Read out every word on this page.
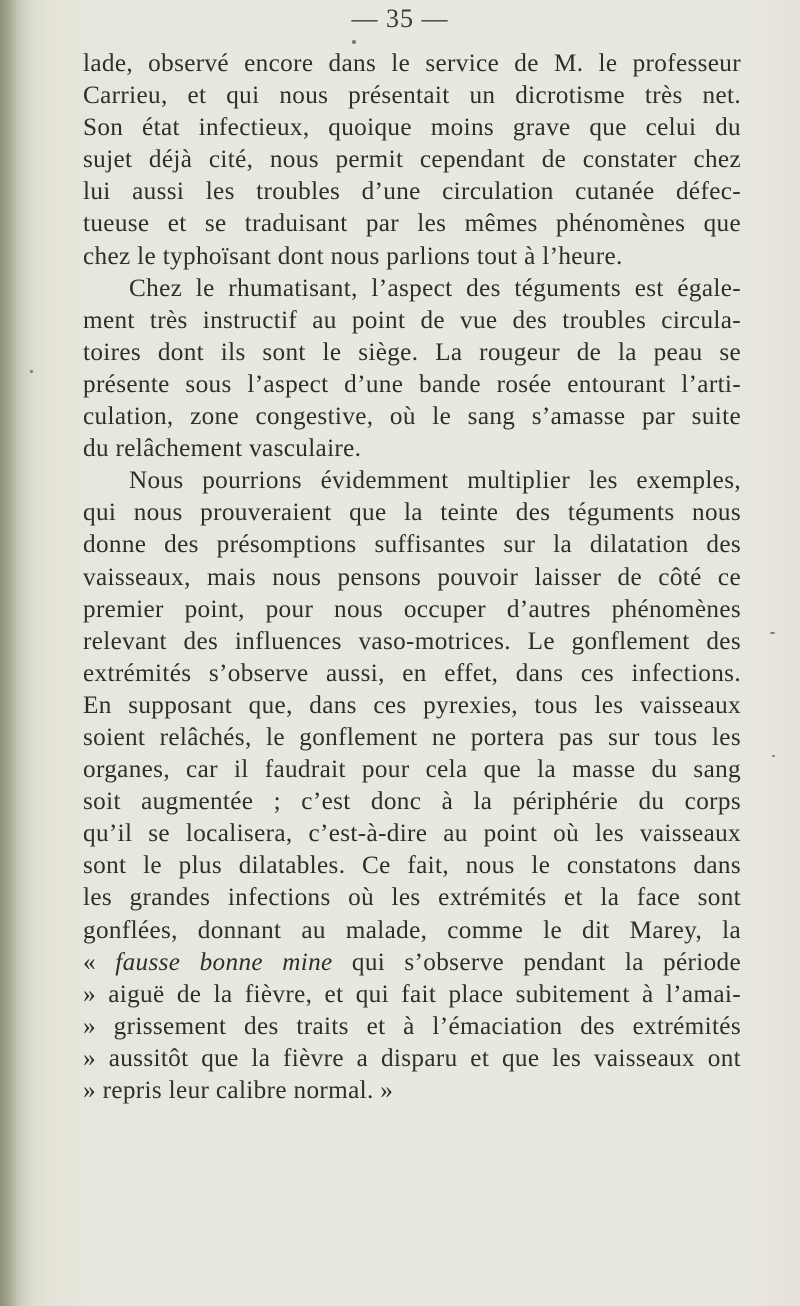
— 35 —
lade, observé encore dans le service de M. le professeur
Carrieu, et qui nous présentait un dicrotisme très net.
Son état infectieux, quoique moins grave que celui du
sujet déjà cité, nous permit cependant de constater chez
lui aussi les troubles d’une circulation cutanée défec-
tueuse et se traduisant par les mêmes phénomènes que
chez le typhoïsant dont nous parlions tout à l’heure.
Chez le rhumatisant, l’aspect des téguments est égale-
ment très instructif au point de vue des troubles circula-
toires dont ils sont le siège. La rougeur de la peau se
présente sous l’aspect d’une bande rosée entourant l’arti-
culation, zone congestive, où le sang s’amasse par suite
du relâchement vasculaire.
Nous pourrions évidemment multiplier les exemples,
qui nous prouveraient que la teinte des téguments nous
donne des présomptions suffisantes sur la dilatation des
vaisseaux, mais nous pensons pouvoir laisser de côté ce
premier point, pour nous occuper d’autres phénomènes
relevant des influences vaso-motrices. Le gonflement des
extrémités s’observe aussi, en effet, dans ces infections.
En supposant que, dans ces pyrexies, tous les vaisseaux
soient relâchés, le gonflement ne portera pas sur tous les
organes, car il faudrait pour cela que la masse du sang
soit augmentée ; c’est donc à la périphérie du corps
qu’il se localisera, c’est-à-dire au point où les vaisseaux
sont le plus dilatables. Ce fait, nous le constatons dans
les grandes infections où les extrémités et la face sont
gonflées, donnant au malade, comme le dit Marey, la
« fausse bonne mine qui s’observe pendant la période
» aiguë de la fièvre, et qui fait place subitement à l’amai-
» grissement des traits et à l’émaciation des extrémités
» aussitôt que la fièvre a disparu et que les vaisseaux ont
» repris leur calibre normal. »
